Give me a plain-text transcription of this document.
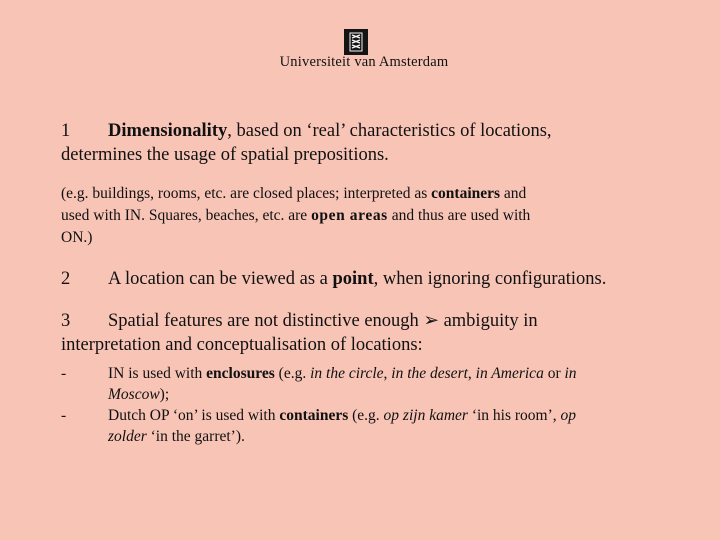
Universiteit van Amsterdam

1 Dimensionality, based on ‘real’ characteristics of locations,
determines the usage of spatial prepositions.

(e.g. buildings, rooms, etc. are closed places; interpreted as containers and
used with IN. Squares, beaches, etc. are open areas and thus are used with
ON.)

2 A location can be viewed as a point, when ignoring configurations.

3 Spatial features are not distinctive enough ➢ ambiguity in
interpretation and conceptualisation of locations:

-	IN is used with enclosures (e.g. in the circle, in the desert, in America or in
Moscow);
-	Dutch OP ‘on’ is used with containers (e.g. op zijn kamer ‘in his room’, op
zolder ‘in the garret’).
